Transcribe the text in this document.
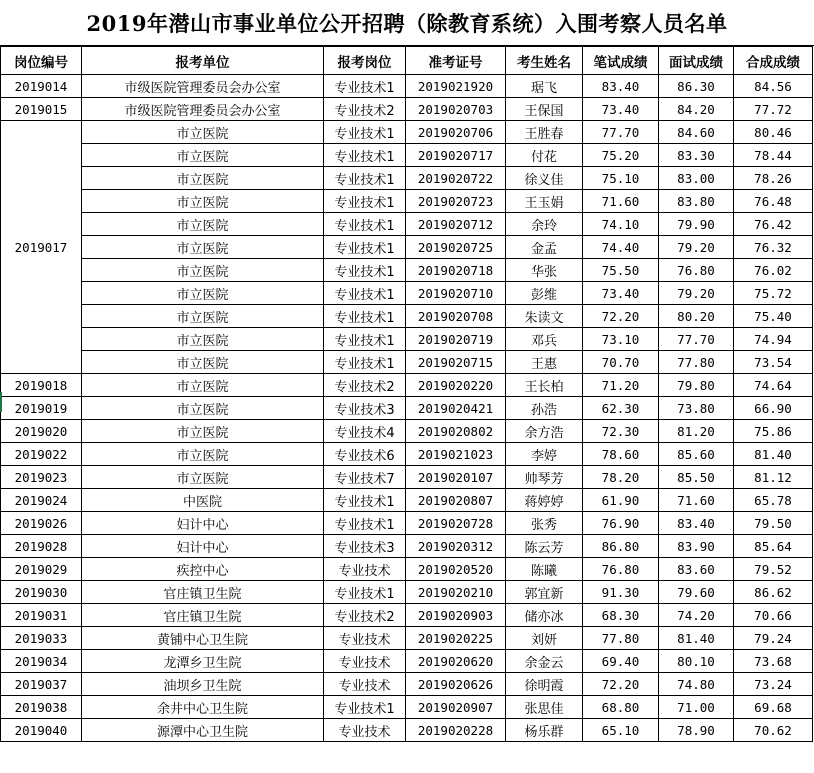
2019年潜山市事业单位公开招聘（除教育系统）入围考察人员名单
岗位编号	报考单位	报考岗位	准考证号	考生姓名	笔试成绩	面试成绩	合成成绩
2019014	市级医院管理委员会办公室	专业技术1	2019021920	琚飞	83.40	86.30	84.56
2019015	市级医院管理委员会办公室	专业技术2	2019020703	王保国	73.40	84.20	77.72
2019017	市立医院	专业技术1	2019020706	王胜春	77.70	84.60	80.46
	市立医院	专业技术1	2019020717	付花	75.20	83.30	78.44
	市立医院	专业技术1	2019020722	徐义佳	75.10	83.00	78.26
	市立医院	专业技术1	2019020723	王玉娟	71.60	83.80	76.48
	市立医院	专业技术1	2019020712	余玲	74.10	79.90	76.42
	市立医院	专业技术1	2019020725	金孟	74.40	79.20	76.32
	市立医院	专业技术1	2019020718	华张	75.50	76.80	76.02
	市立医院	专业技术1	2019020710	彭维	73.40	79.20	75.72
	市立医院	专业技术1	2019020708	朱读文	72.20	80.20	75.40
	市立医院	专业技术1	2019020719	邓兵	73.10	77.70	74.94
	市立医院	专业技术1	2019020715	王惠	70.70	77.80	73.54
2019018	市立医院	专业技术2	2019020220	王长柏	71.20	79.80	74.64
2019019	市立医院	专业技术3	2019020421	孙浩	62.30	73.80	66.90
2019020	市立医院	专业技术4	2019020802	余方浩	72.30	81.20	75.86
2019022	市立医院	专业技术6	2019021023	李婷	78.60	85.60	81.40
2019023	市立医院	专业技术7	2019020107	帅琴芳	78.20	85.50	81.12
2019024	中医院	专业技术1	2019020807	蒋婷婷	61.90	71.60	65.78
2019026	妇计中心	专业技术1	2019020728	张秀	76.90	83.40	79.50
2019028	妇计中心	专业技术3	2019020312	陈云芳	86.80	83.90	85.64
2019029	疾控中心	专业技术	2019020520	陈曦	76.80	83.60	79.52
2019030	官庄镇卫生院	专业技术1	2019020210	郭宜新	91.30	79.60	86.62
2019031	官庄镇卫生院	专业技术2	2019020903	储亦冰	68.30	74.20	70.66
2019033	黄铺中心卫生院	专业技术	2019020225	刘妍	77.80	81.40	79.24
2019034	龙潭乡卫生院	专业技术	2019020620	余金云	69.40	80.10	73.68
2019037	油坝乡卫生院	专业技术	2019020626	徐明霞	72.20	74.80	73.24
2019038	余井中心卫生院	专业技术1	2019020907	张思佳	68.80	71.00	69.68
2019040	源潭中心卫生院	专业技术	2019020228	杨乐群	65.10	78.90	70.62
